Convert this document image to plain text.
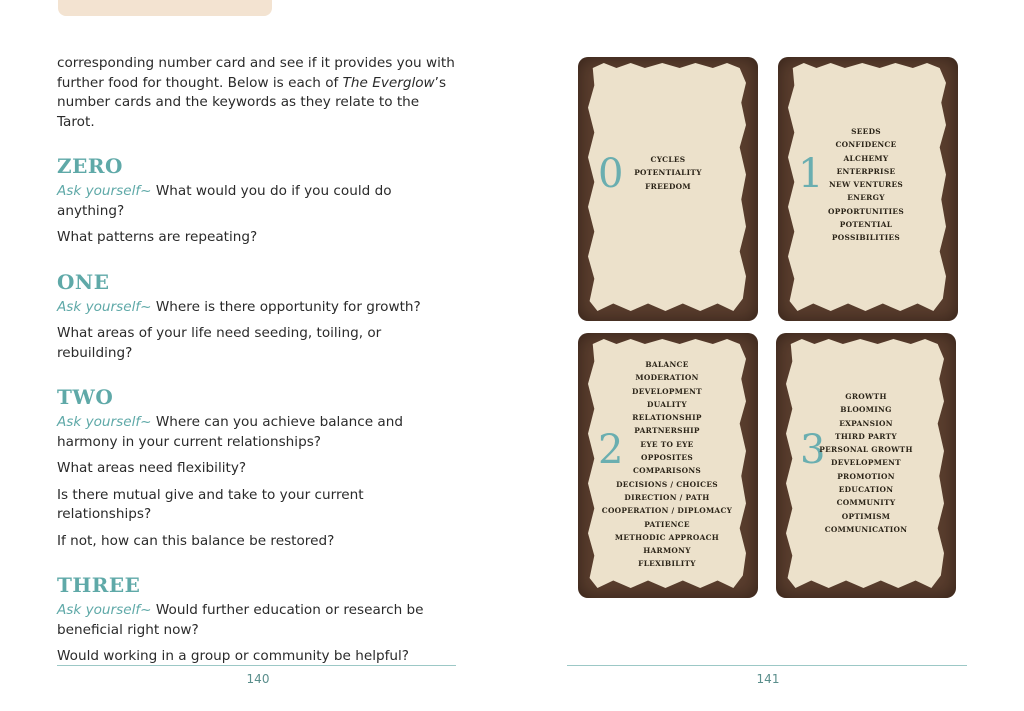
corresponding number card and see if it provides you with further food for thought. Below is each of The Everglow’s number cards and the keywords as they relate to the Tarot.

ZERO

Ask yourself~ What would you do if you could do anything?

What patterns are repeating?

ONE

Ask yourself~ Where is there opportunity for growth?

What areas of your life need seeding, toiling, or rebuilding?

TWO

Ask yourself~ Where can you achieve balance and harmony in your current relationships?

What areas need flexibility?

Is there mutual give and take to your current relationships?

If not, how can this balance be restored?

THREE

Ask yourself~ Would further education or research be beneficial right now?

Would working in a group or community be helpful?

0	CYCLES
POTENTIALITY
FREEDOM	1
SEEDS
CONFIDENCE
ALCHEMY
ENTERPRISE
NEW VENTURES
ENERGY
OPPORTUNITIES
POTENTIAL
POSSIBILITIES
2
BALANCE
MODERATION
DEVELOPMENT
DUALITY
RELATIONSHIP
PARTNERSHIP
EYE TO EYE
OPPOSITES
COMPARISONS
DECISIONS / CHOICES
DIRECTION / PATH
COOPERATION / DIPLOMACY
PATIENCE
METHODIC APPROACH
HARMONY
FLEXIBILITY
3
GROWTH
BLOOMING
EXPANSION
THIRD PARTY
PERSONAL GROWTH
DEVELOPMENT
PROMOTION
EDUCATION
COMMUNITY
OPTIMISM
COMMUNICATION
140	141
